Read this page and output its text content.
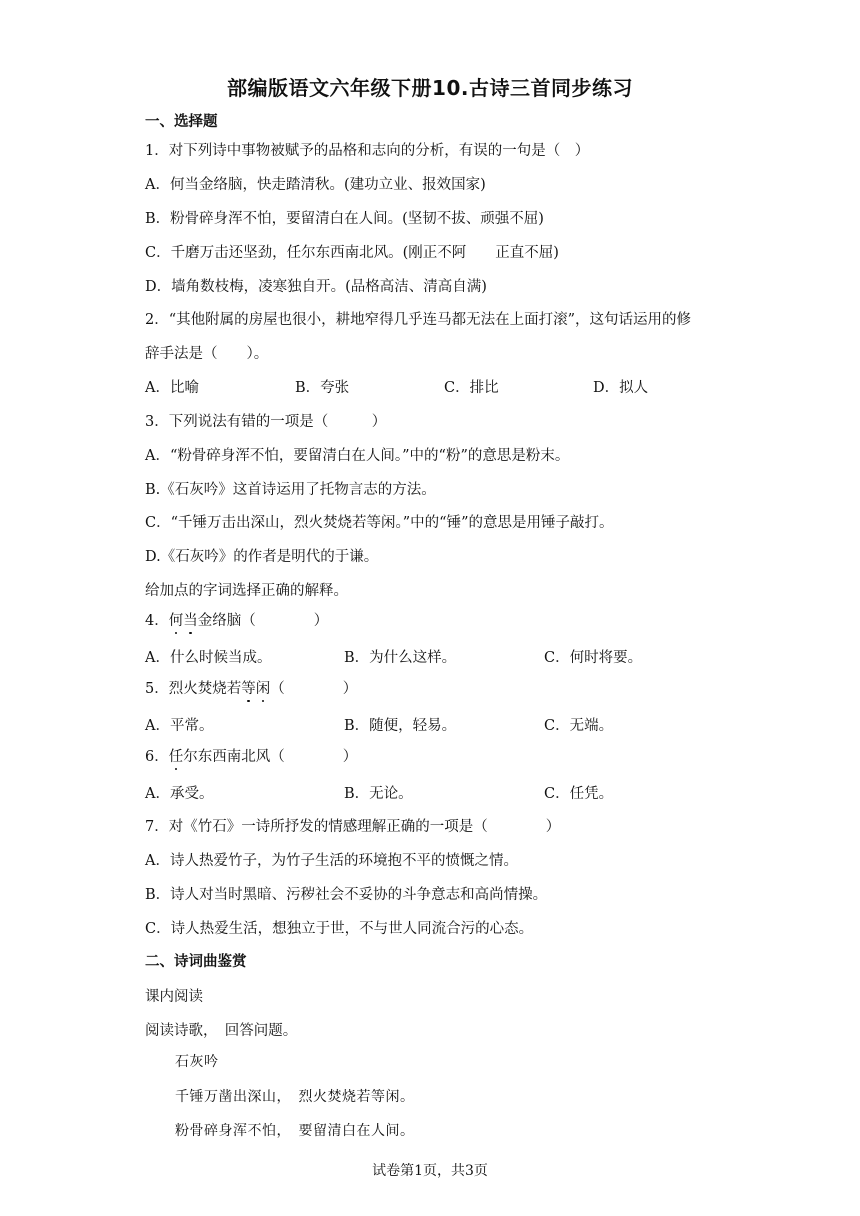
部编版语文六年级下册10.古诗三首同步练习
一、选择题
1．对下列诗中事物被赋予的品格和志向的分析，有误的一句是（　）
A．何当金络脑，快走踏清秋。(建功立业、报效国家)
B．粉骨碎身浑不怕，要留清白在人间。(坚韧不拔、顽强不屈)
C．千磨万击还坚劲，任尔东西南北风。(刚正不阿　　正直不屈)
D．墙角数枝梅，凌寒独自开。(品格高洁、清高自满)
2．“其他附属的房屋也很小，耕地窄得几乎连马都无法在上面打滚”，这句话运用的修
辞手法是（　　）。
A．比喻	B．夸张	C．排比	D．拟人
3．下列说法有错的一项是（　　　）
A．“粉骨碎身浑不怕，要留清白在人间。”中的“粉”的意思是粉末。
B.《石灰吟》这首诗运用了托物言志的方法。
C．“千锤万击出深山，烈火焚烧若等闲。”中的“锤”的意思是用锤子敲打。
D.《石灰吟》的作者是明代的于谦。
给加点的字词选择正确的解释。
4．何当金络脑（　　　　）
A．什么时候当成。	B．为什么这样。	C．何时将要。
5．烈火焚烧若等闲（　　　　）
A．平常。	B．随便，轻易。	C．无端。
6．任尔东西南北风（　　　　）
A．承受。	B．无论。	C．任凭。
7．对《竹石》一诗所抒发的情感理解正确的一项是（　　　　）
A．诗人热爱竹子，为竹子生活的环境抱不平的愤慨之情。
B．诗人对当时黑暗、污秽社会不妥协的斗争意志和高尚情操。
C．诗人热爱生活，想独立于世，不与世人同流合污的心态。
二、诗词曲鉴赏
课内阅读
阅读诗歌，　回答问题。
石灰吟
千锤万凿出深山，　烈火焚烧若等闲。
粉骨碎身浑不怕，　要留清白在人间。
试卷第1页，共3页
